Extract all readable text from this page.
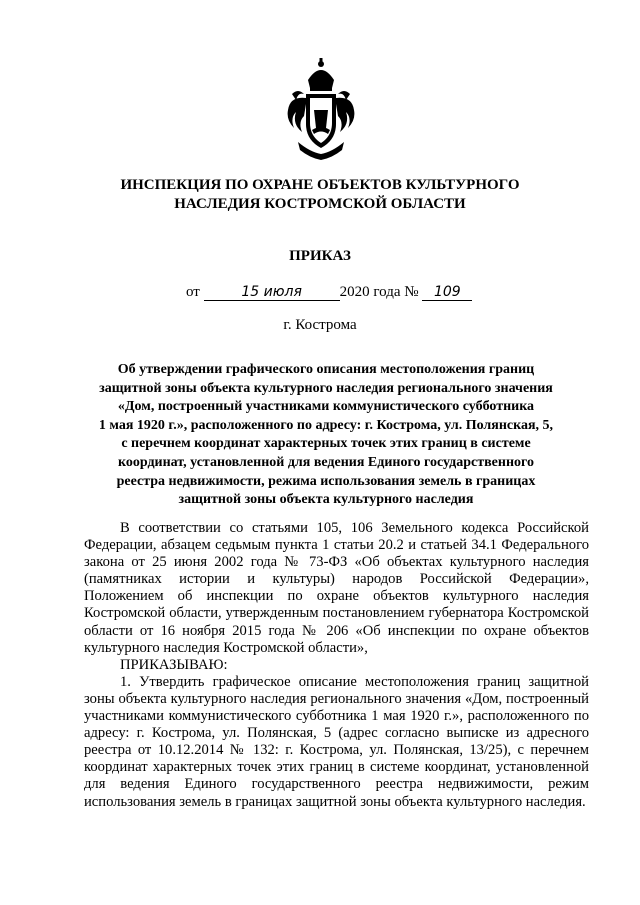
ИНСПЕКЦИЯ ПО ОХРАНЕ ОБЪЕКТОВ КУЛЬТУРНОГО
НАСЛЕДИЯ КОСТРОМСКОЙ ОБЛАСТИ
ПРИКАЗ
от	15 июля	2020 года № 109
г. Кострома
Об утверждении графического описания местоположения границ
защитной зоны объекта культурного наследия регионального значения
«Дом, построенный участниками коммунистического субботника
1 мая 1920 г.», расположенного по адресу: г. Кострома, ул. Полянская, 5,
с перечнем координат характерных точек этих границ в системе
координат, установленной для ведения Единого государственного
реестра недвижимости, режима использования земель в границах
защитной зоны объекта культурного наследия

В соответствии со статьями 105, 106 Земельного кодекса Российской Федерации, абзацем седьмым пункта 1 статьи 20.2 и статьей 34.1 Федерального закона от 25 июня 2002 года № 73-ФЗ «Об объектах культурного наследия (памятниках истории и культуры) народов Российской Федерации», Положением об инспекции по охране объектов культурного наследия Костромской области, утвержденным постановлением губернатора Костромской области от 16 ноября 2015 года № 206 «Об инспекции по охране объектов культурного наследия Костромской области»,

ПРИКАЗЫВАЮ:

1. Утвердить графическое описание местоположения границ защитной зоны объекта культурного наследия регионального значения «Дом, построенный участниками коммунистического субботника 1 мая 1920 г.», расположенного по адресу: г. Кострома, ул. Полянская, 5 (адрес согласно выписке из адресного реестра от 10.12.2014 № 132: г. Кострома, ул. Полянская, 13/25), с перечнем координат характерных точек этих границ в системе координат, установленной для ведения Единого государственного реестра недвижимости, режим использования земель в границах защитной зоны объекта культурного наследия.
